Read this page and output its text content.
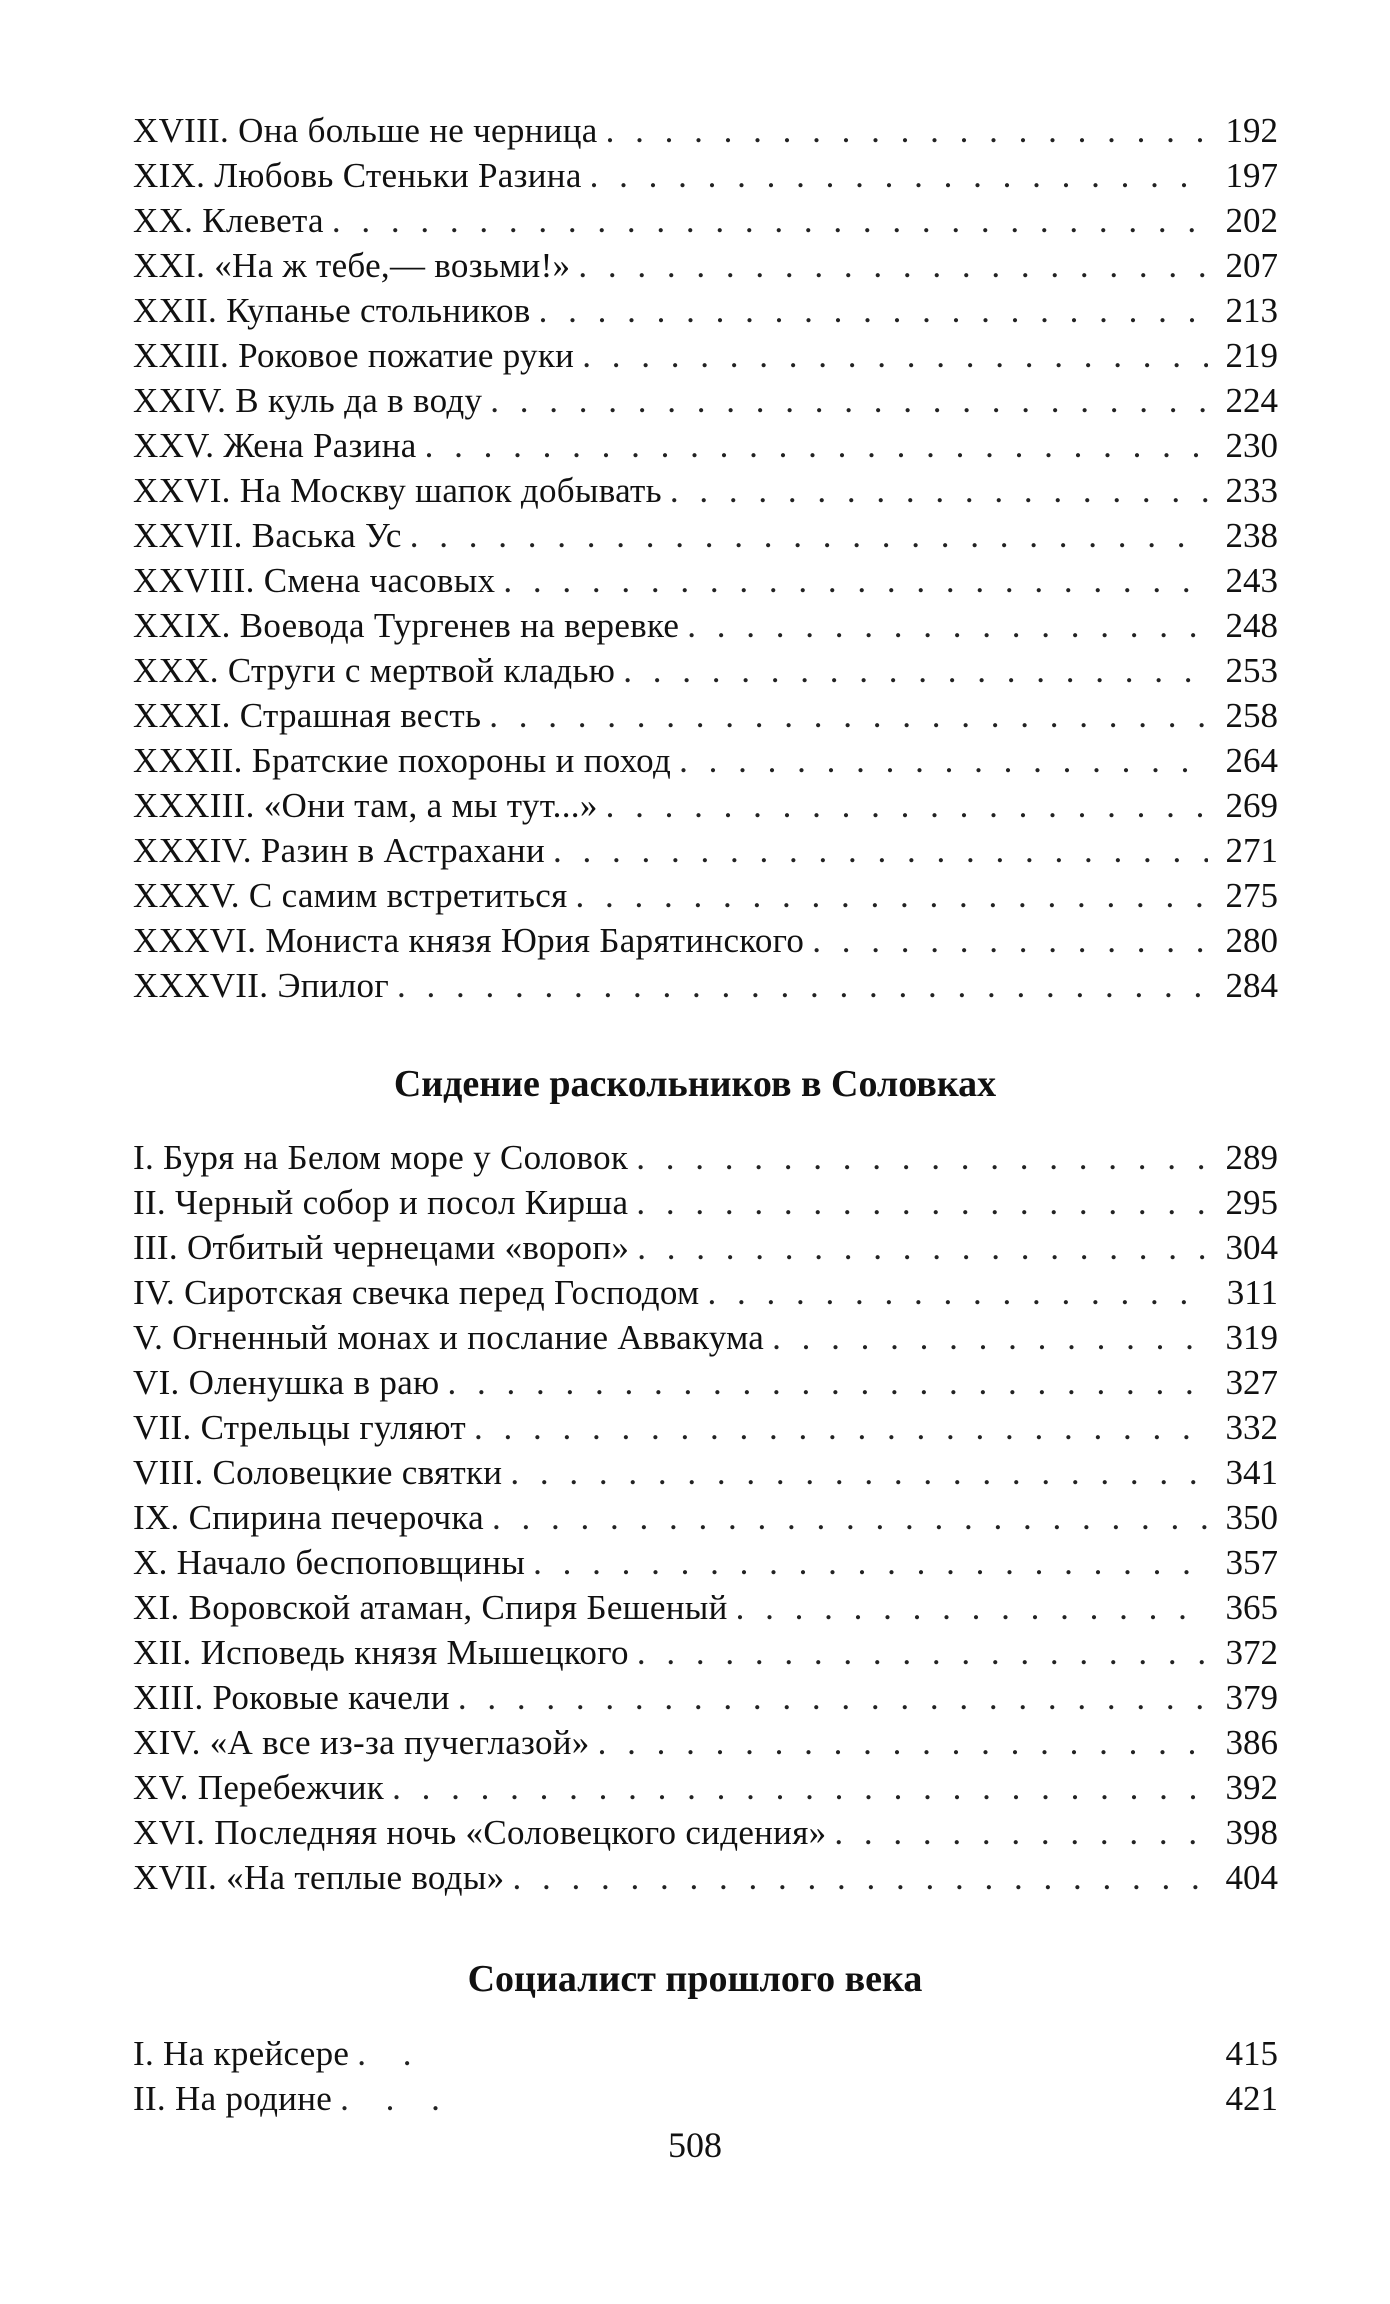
XVIII. Она больше не черница . . .	192
XIX. Любовь Стеньки Разина . . .	197
XX. Клевета . . .	202
XXI. «На ж тебе,— возьми!» . . .	207
XXII. Купанье стольников . . .	213
XXIII. Роковое пожатие руки . . .	219
XXIV. В куль да в воду . . .	224
XXV. Жена Разина . . .	230
XXVI. На Москву шапок добывать . . .	233
XXVII. Васька Ус . . .	238
XXVIII. Смена часовых . . .	243
XXIX. Воевода Тургенев на веревке . . .	248
XXX. Струги с мертвой кладью . . .	253
XXXI. Страшная весть . . .	258
XXXII. Братские похороны и поход . . .	264
XXXIII. «Они там, а мы тут...» . . .	269
XXXIV. Разин в Астрахани . . .	271
XXXV. С самим встретиться . . .	275
XXXVI. Мониста князя Юрия Барятинского . . .	280
XXXVII. Эпилог . . .	284
Сидение раскольников в Соловках
I. Буря на Белом море у Соловок . . .	289
II. Черный собор и посол Кирша . . .	295
III. Отбитый чернецами «вороп» . . .	304
IV. Сиротская свечка перед Господом . . .	311
V. Огненный монах и послание Аввакума . . .	319
VI. Оленушка в раю . . .	327
VII. Стрельцы гуляют . . .	332
VIII. Соловецкие святки . . .	341
IX. Спирина печерочка . . .	350
X. Начало беспоповщины . . .	357
XI. Воровской атаман, Спиря Бешеный . . .	365
XII. Исповедь князя Мышецкого . . .	372
XIII. Роковые качели . . .	379
XIV. «А все из-за пучеглазой» . . .	386
XV. Перебежчик . . .	392
XVI. Последняя ночь «Соловецкого сидения» . . .	398
XVII. «На теплые воды» . . .	404
Социалист прошлого века
I. На крейсере . .	415
II. На родине . . .	421
508
